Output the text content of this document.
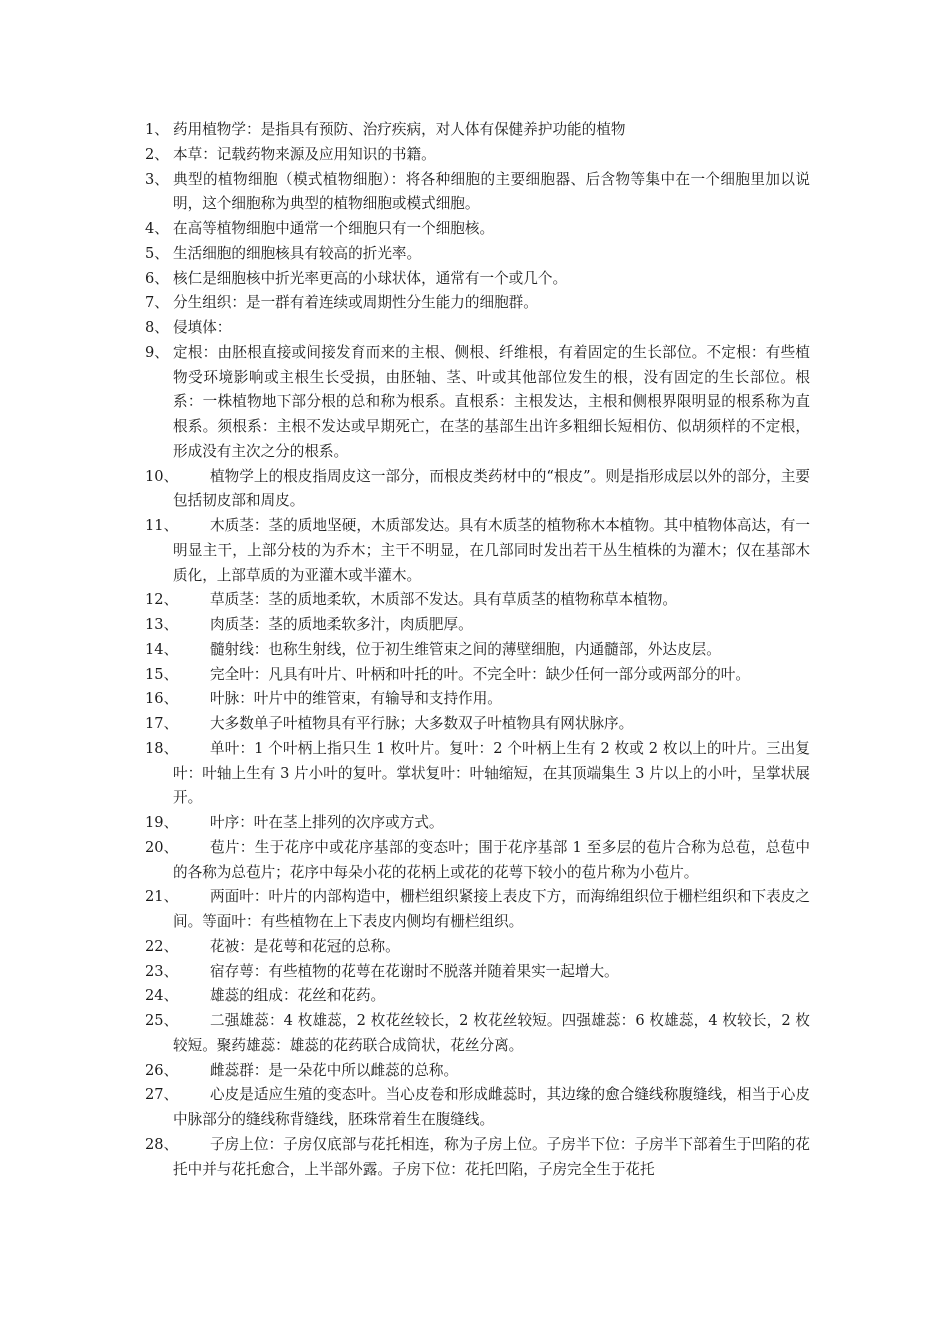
1、 药用植物学：是指具有预防、治疗疾病，对人体有保健养护功能的植物
2、 本草：记载药物来源及应用知识的书籍。
3、 典型的植物细胞（模式植物细胞）：将各种细胞的主要细胞器、后含物等集中在一个细胞里加以说明，这个细胞称为典型的植物细胞或模式细胞。
4、 在高等植物细胞中通常一个细胞只有一个细胞核。
5、 生活细胞的细胞核具有较高的折光率。
6、 核仁是细胞核中折光率更高的小球状体，通常有一个或几个。
7、 分生组织：是一群有着连续或周期性分生能力的细胞群。
8、 侵填体：
9、 定根：由胚根直接或间接发育而来的主根、侧根、纤维根，有着固定的生长部位。不定根：有些植物受环境影响或主根生长受损，由胚轴、茎、叶或其他部位发生的根，没有固定的生长部位。根系：一株植物地下部分根的总和称为根系。直根系：主根发达，主根和侧根界限明显的根系称为直根系。须根系：主根不发达或早期死亡，在茎的基部生出许多粗细长短相仿、似胡须样的不定根，形成没有主次之分的根系。
10、	植物学上的根皮指周皮这一部分，而根皮类药材中的“根皮”。则是指形成层以外的部分，主要包括韧皮部和周皮。
11、	木质茎：茎的质地坚硬，木质部发达。具有木质茎的植物称木本植物。其中植物体高达，有一明显主干，上部分枝的为乔木；主干不明显，在几部同时发出若干丛生植株的为灌木；仅在基部木质化，上部草质的为亚灌木或半灌木。
12、	草质茎：茎的质地柔软，木质部不发达。具有草质茎的植物称草本植物。
13、	肉质茎：茎的质地柔软多汁，肉质肥厚。
14、	髓射线：也称生射线，位于初生维管束之间的薄壁细胞，内通髓部，外达皮层。
15、	完全叶：凡具有叶片、叶柄和叶托的叶。不完全叶：缺少任何一部分或两部分的叶。
16、	叶脉：叶片中的维管束，有输导和支持作用。
17、	大多数单子叶植物具有平行脉；大多数双子叶植物具有网状脉序。
18、	单叶：1 个叶柄上指只生 1 枚叶片。复叶：2 个叶柄上生有 2 枚或 2 枚以上的叶片。三出复叶：叶轴上生有 3 片小叶的复叶。掌状复叶：叶轴缩短，在其顶端集生 3 片以上的小叶，呈掌状展开。
19、	叶序：叶在茎上排列的次序或方式。
20、	苞片：生于花序中或花序基部的变态叶；围于花序基部 1 至多层的苞片合称为总苞，总苞中的各称为总苞片；花序中每朵小花的花柄上或花的花萼下较小的苞片称为小苞片。
21、	两面叶：叶片的内部构造中，栅栏组织紧接上表皮下方，而海绵组织位于栅栏组织和下表皮之间。等面叶：有些植物在上下表皮内侧均有栅栏组织。
22、	花被：是花萼和花冠的总称。
23、	宿存萼：有些植物的花萼在花谢时不脱落并随着果实一起增大。
24、	雄蕊的组成：花丝和花药。
25、	二强雄蕊：4 枚雄蕊，2 枚花丝较长，2 枚花丝较短。四强雄蕊：6 枚雄蕊，4 枚较长，2 枚较短。聚药雄蕊：雄蕊的花药联合成筒状，花丝分离。
26、	雌蕊群：是一朵花中所以雌蕊的总称。
27、	心皮是适应生殖的变态叶。当心皮卷和形成雌蕊时，其边缘的愈合缝线称腹缝线，相当于心皮中脉部分的缝线称背缝线，胚珠常着生在腹缝线。
28、	子房上位：子房仅底部与花托相连，称为子房上位。子房半下位：子房半下部着生于凹陷的花托中并与花托愈合，上半部外露。子房下位：花托凹陷，子房完全生于花托
